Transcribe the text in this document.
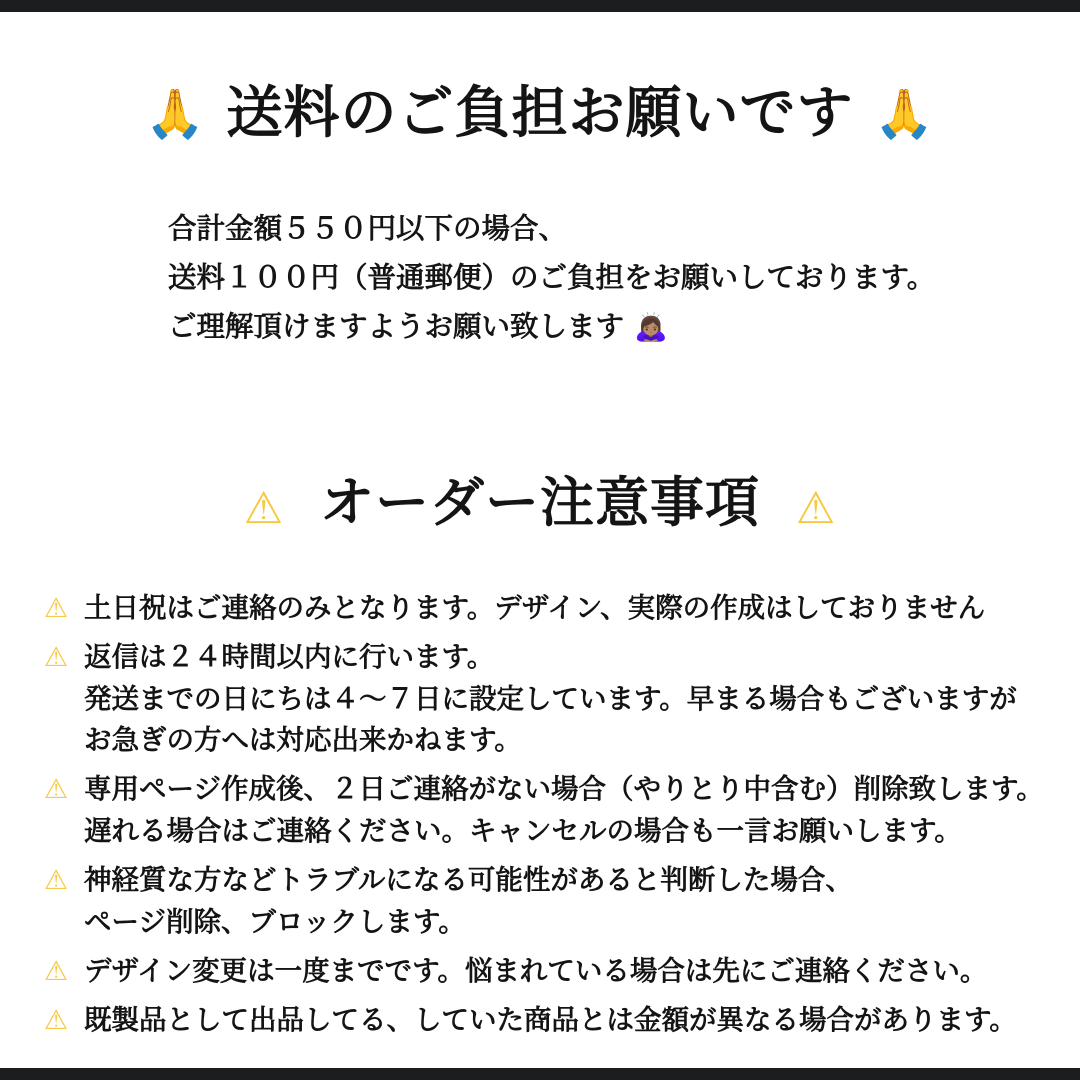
🙏 送料のご負担お願いです 🙏
合計金額５５０円以下の場合、
送料１００円（普通郵便）のご負担をお願いしております。
ご理解頂けますようお願い致します 🙇🏽‍♀️
⚠ オーダー注意事項 ⚠
⚠ 土日祝はご連絡のみとなります。デザイン、実際の作成はしておりません
⚠ 返信は２４時間以内に行います。
発送までの日にちは４〜７日に設定しています。早まる場合もございますが
お急ぎの方へは対応出来かねます。
⚠ 専用ページ作成後、２日ご連絡がない場合（やりとり中含む）削除致します。
遅れる場合はご連絡ください。キャンセルの場合も一言お願いします。
⚠ 神経質な方などトラブルになる可能性があると判断した場合、
ページ削除、ブロックします。
⚠ デザイン変更は一度までです。悩まれている場合は先にご連絡ください。
⚠ 既製品として出品してる、していた商品とは金額が異なる場合があります。
